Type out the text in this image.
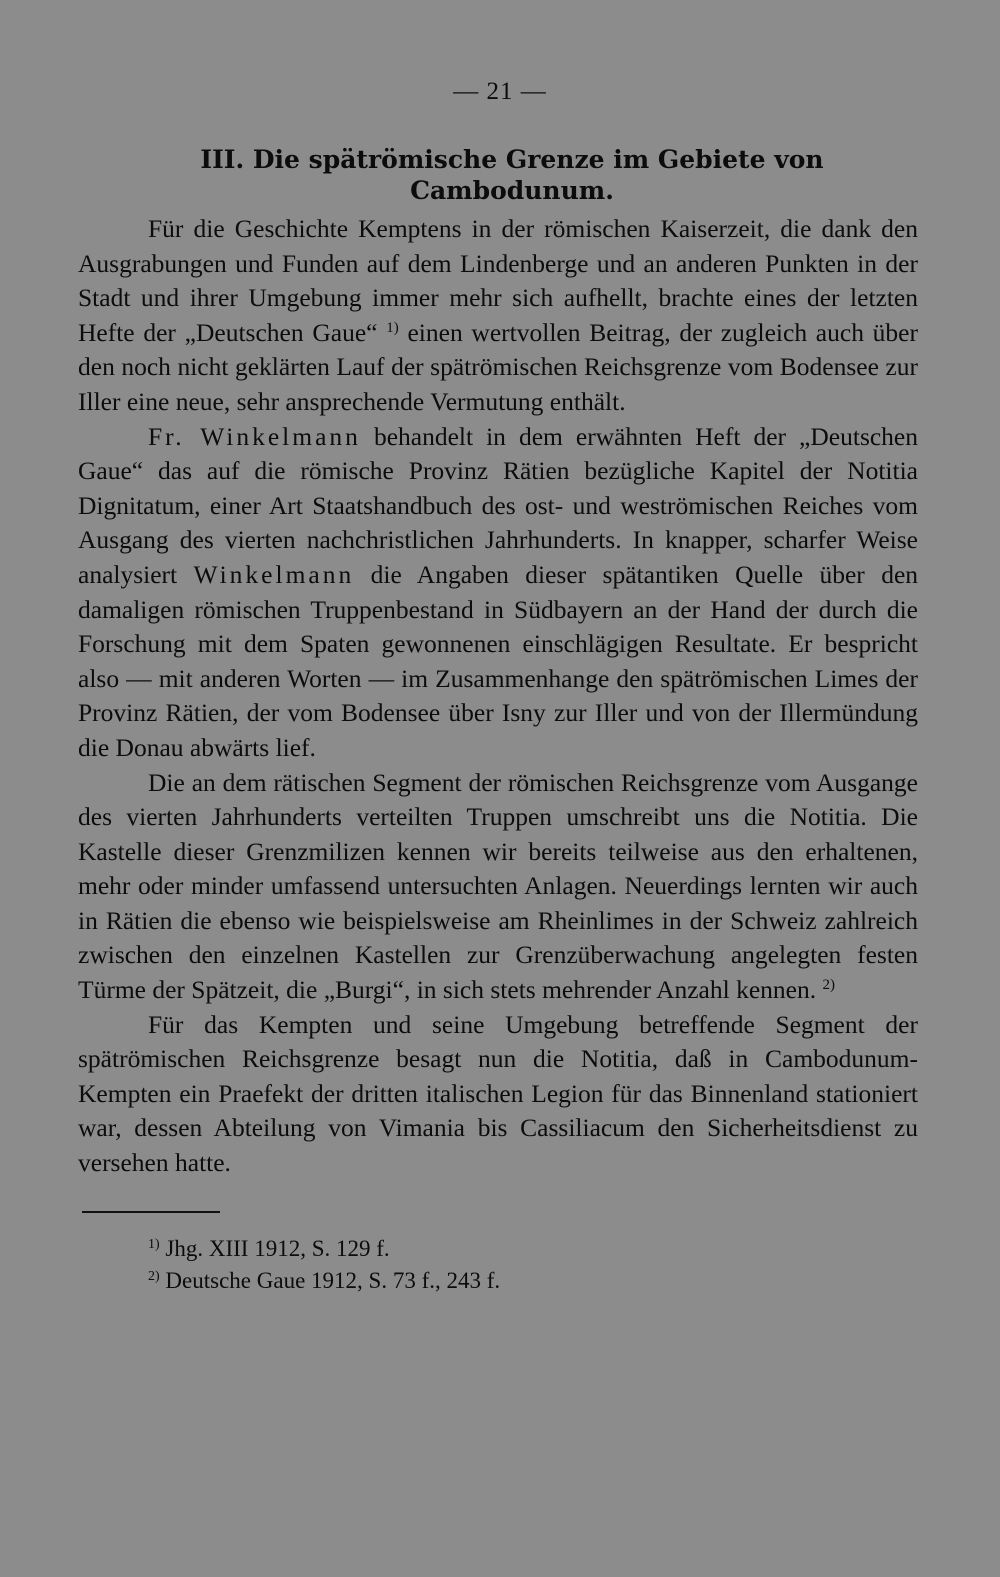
— 21 —
III. Die spätrömische Grenze im Gebiete von
Cambodunum.

Für die Geschichte Kemptens in der römischen Kaiserzeit, die dank den Ausgrabungen und Funden auf dem Lindenberge und an anderen Punkten in der Stadt und ihrer Umgebung immer mehr sich aufhellt, brachte eines der letzten Hefte der „Deutschen Gaue“ $^{1)}$ einen wertvollen Beitrag, der zugleich auch über den noch nicht geklärten Lauf der spätrömischen Reichsgrenze vom Bodensee zur Iller eine neue, sehr ansprechende Vermutung enthält.

Fr. Winkelmann behandelt in dem erwähnten Heft der „Deutschen Gaue“ das auf die römische Provinz Rätien bezügliche Kapitel der Notitia Dignitatum, einer Art Staatshandbuch des ost- und weströmischen Reiches vom Ausgang des vierten nachchristlichen Jahrhunderts. In knapper, scharfer Weise analysiert Winkelmann die Angaben dieser spätantiken Quelle über den damaligen römischen Truppenbestand in Südbayern an der Hand der durch die Forschung mit dem Spaten gewonnenen einschlägigen Resultate. Er bespricht also — mit anderen Worten — im Zusammenhange den spätrömischen Limes der Provinz Rätien, der vom Bodensee über Isny zur Iller und von der Illermündung die Donau abwärts lief.

Die an dem rätischen Segment der römischen Reichsgrenze vom Ausgange des vierten Jahrhunderts verteilten Truppen umschreibt uns die Notitia. Die Kastelle dieser Grenzmilizen kennen wir bereits teilweise aus den erhaltenen, mehr oder minder umfassend untersuchten Anlagen. Neuerdings lernten wir auch in Rätien die ebenso wie beispielsweise am Rheinlimes in der Schweiz zahlreich zwischen den einzelnen Kastellen zur Grenzüberwachung angelegten festen Türme der Spätzeit, die „Burgi“, in sich stets mehrender Anzahl kennen. $^{2)}$

Für das Kempten und seine Umgebung betreffende Segment der spätrömischen Reichsgrenze besagt nun die Notitia, daß in Cambodunum-Kempten ein Praefekt der dritten italischen Legion für das Binnenland stationiert war, dessen Abteilung von Vimania bis Cassiliacum den Sicherheitsdienst zu versehen hatte.

$^{1)}$ Jhg. XIII 1912, S. 129 f.
$^{2)}$ Deutsche Gaue 1912, S. 73 f., 243 f.
